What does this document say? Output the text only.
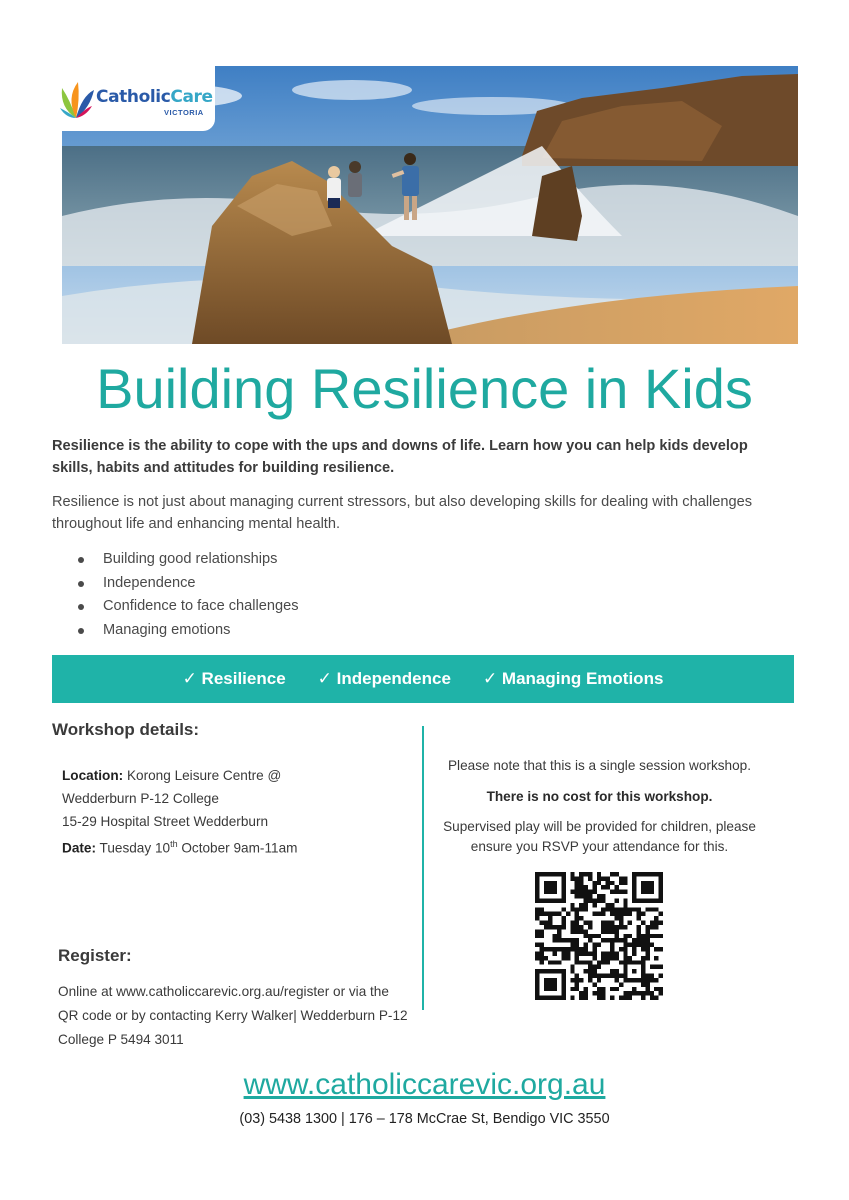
CatholicCare
VICTORIA
Building Resilience in Kids

Resilience is the ability to cope with the ups and downs of life. Learn how you can help kids develop skills, habits and attitudes for building resilience.

Resilience is not just about managing current stressors, but also developing skills for dealing with challenges throughout life and enhancing mental health.

Building good relationships
Independence
Confidence to face challenges
Managing emotions
✓ Resilience ✓ Independence ✓ Managing Emotions
Workshop details:
Location: Korong Leisure Centre @
Wedderburn P-12 College
15-29 Hospital Street Wedderburn
Date: Tuesday 10th October 9am-11am
Register:

Online at www.catholiccarevic.org.au/register or via the QR code or by contacting Kerry Walker| Wedderburn P-12 College P 5494 3011

Please note that this is a single session workshop.

There is no cost for this workshop.

Supervised play will be provided for children, please ensure you RSVP your attendance for this.

www.catholiccarevic.org.au

(03) 5438 1300 | 176 – 178 McCrae St, Bendigo VIC 3550
